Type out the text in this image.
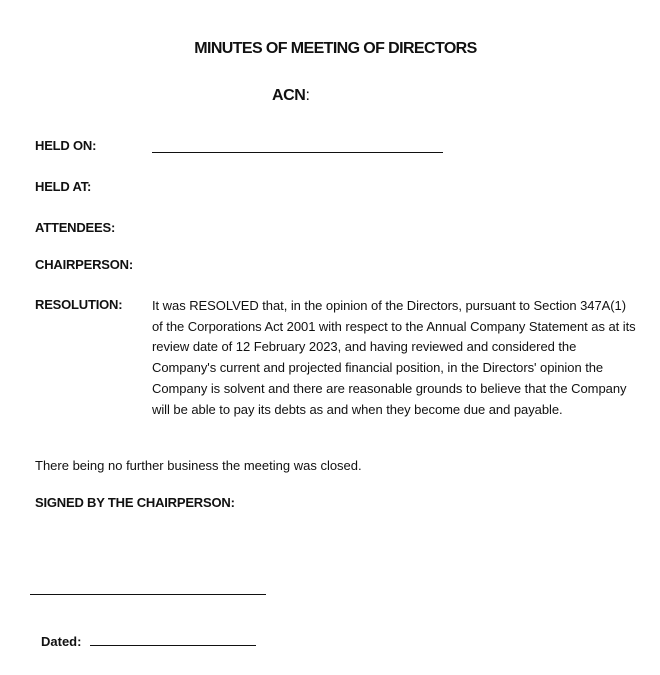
MINUTES OF MEETING OF DIRECTORS
ACN:
HELD ON:
HELD AT:
ATTENDEES:
CHAIRPERSON:
RESOLUTION: It was RESOLVED that, in the opinion of the Directors, pursuant to Section 347A(1) of the Corporations Act 2001 with respect to the Annual Company Statement as at its review date of 12 February 2023, and having reviewed and considered the Company's current and projected financial position, in the Directors' opinion the Company is solvent and there are reasonable grounds to believe that the Company will be able to pay its debts as and when they become due and payable.
There being no further business the meeting was closed.
SIGNED BY THE CHAIRPERSON:
Dated:
